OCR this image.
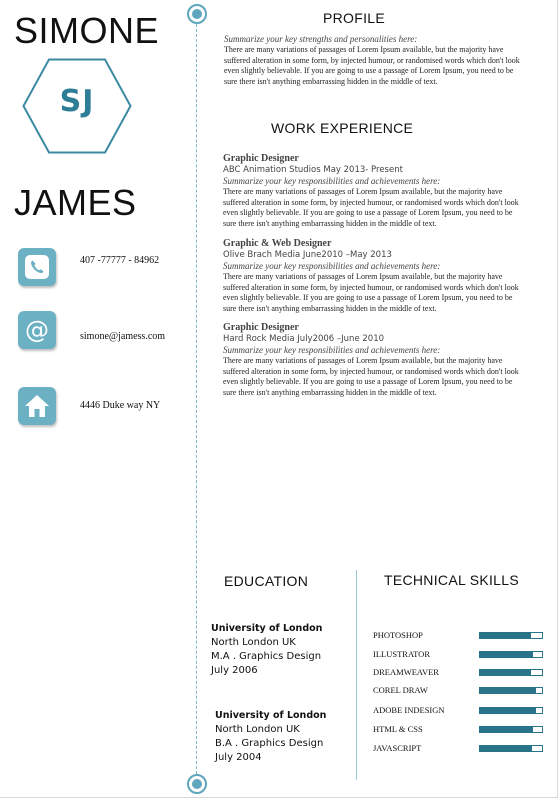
SIMONE
SJ
JAMES
407 -77777 - 84962
@	simone@jamess.com
4446 Duke way NY
PROFILE
Summarize your key strengths and personalities here:
There are many variations of passages of Lorem Ipsum available, but the majority have suffered alteration in some form, by injected humour, or randomised words which don't look even slightly believable. If you are going to use a passage of Lorem Ipsum, you need to be sure there isn't anything embarrassing hidden in the middle of text.
WORK EXPERIENCE
Graphic Designer
ABC Animation Studios May 2013- Present
Summarize your key responsibilities and achievements here:
There are many variations of passages of Lorem Ipsum available, but the majority have suffered alteration in some form, by injected humour, or randomised words which don't look even slightly believable. If you are going to use a passage of Lorem Ipsum, you need to be sure there isn't anything embarrassing hidden in the middle of text.
Graphic & Web Designer
Olive Brach Media June2010 –May 2013
Summarize your key responsibilities and achievements here:
There are many variations of passages of Lorem Ipsum available, but the majority have suffered alteration in some form, by injected humour, or randomised words which don't look even slightly believable. If you are going to use a passage of Lorem Ipsum, you need to be sure there isn't anything embarrassing hidden in the middle of text.
Graphic Designer
Hard Rock Media July2006 –June 2010
Summarize your key responsibilities and achievements here:
There are many variations of passages of Lorem Ipsum available, but the majority have suffered alteration in some form, by injected humour, or randomised words which don't look even slightly believable. If you are going to use a passage of Lorem Ipsum, you need to be sure there isn't anything embarrassing hidden in the middle of text.
EDUCATION
University of London
North London UK
M.A . Graphics Design
July 2006
University of London
North London UK
B.A . Graphics Design
July 2004
TECHNICAL SKILLS
PHOTOSHOP
ILLUSTRATOR
DREAMWEAVER
COREL DRAW
ADOBE INDESIGN
HTML & CSS
JAVASCRIPT
